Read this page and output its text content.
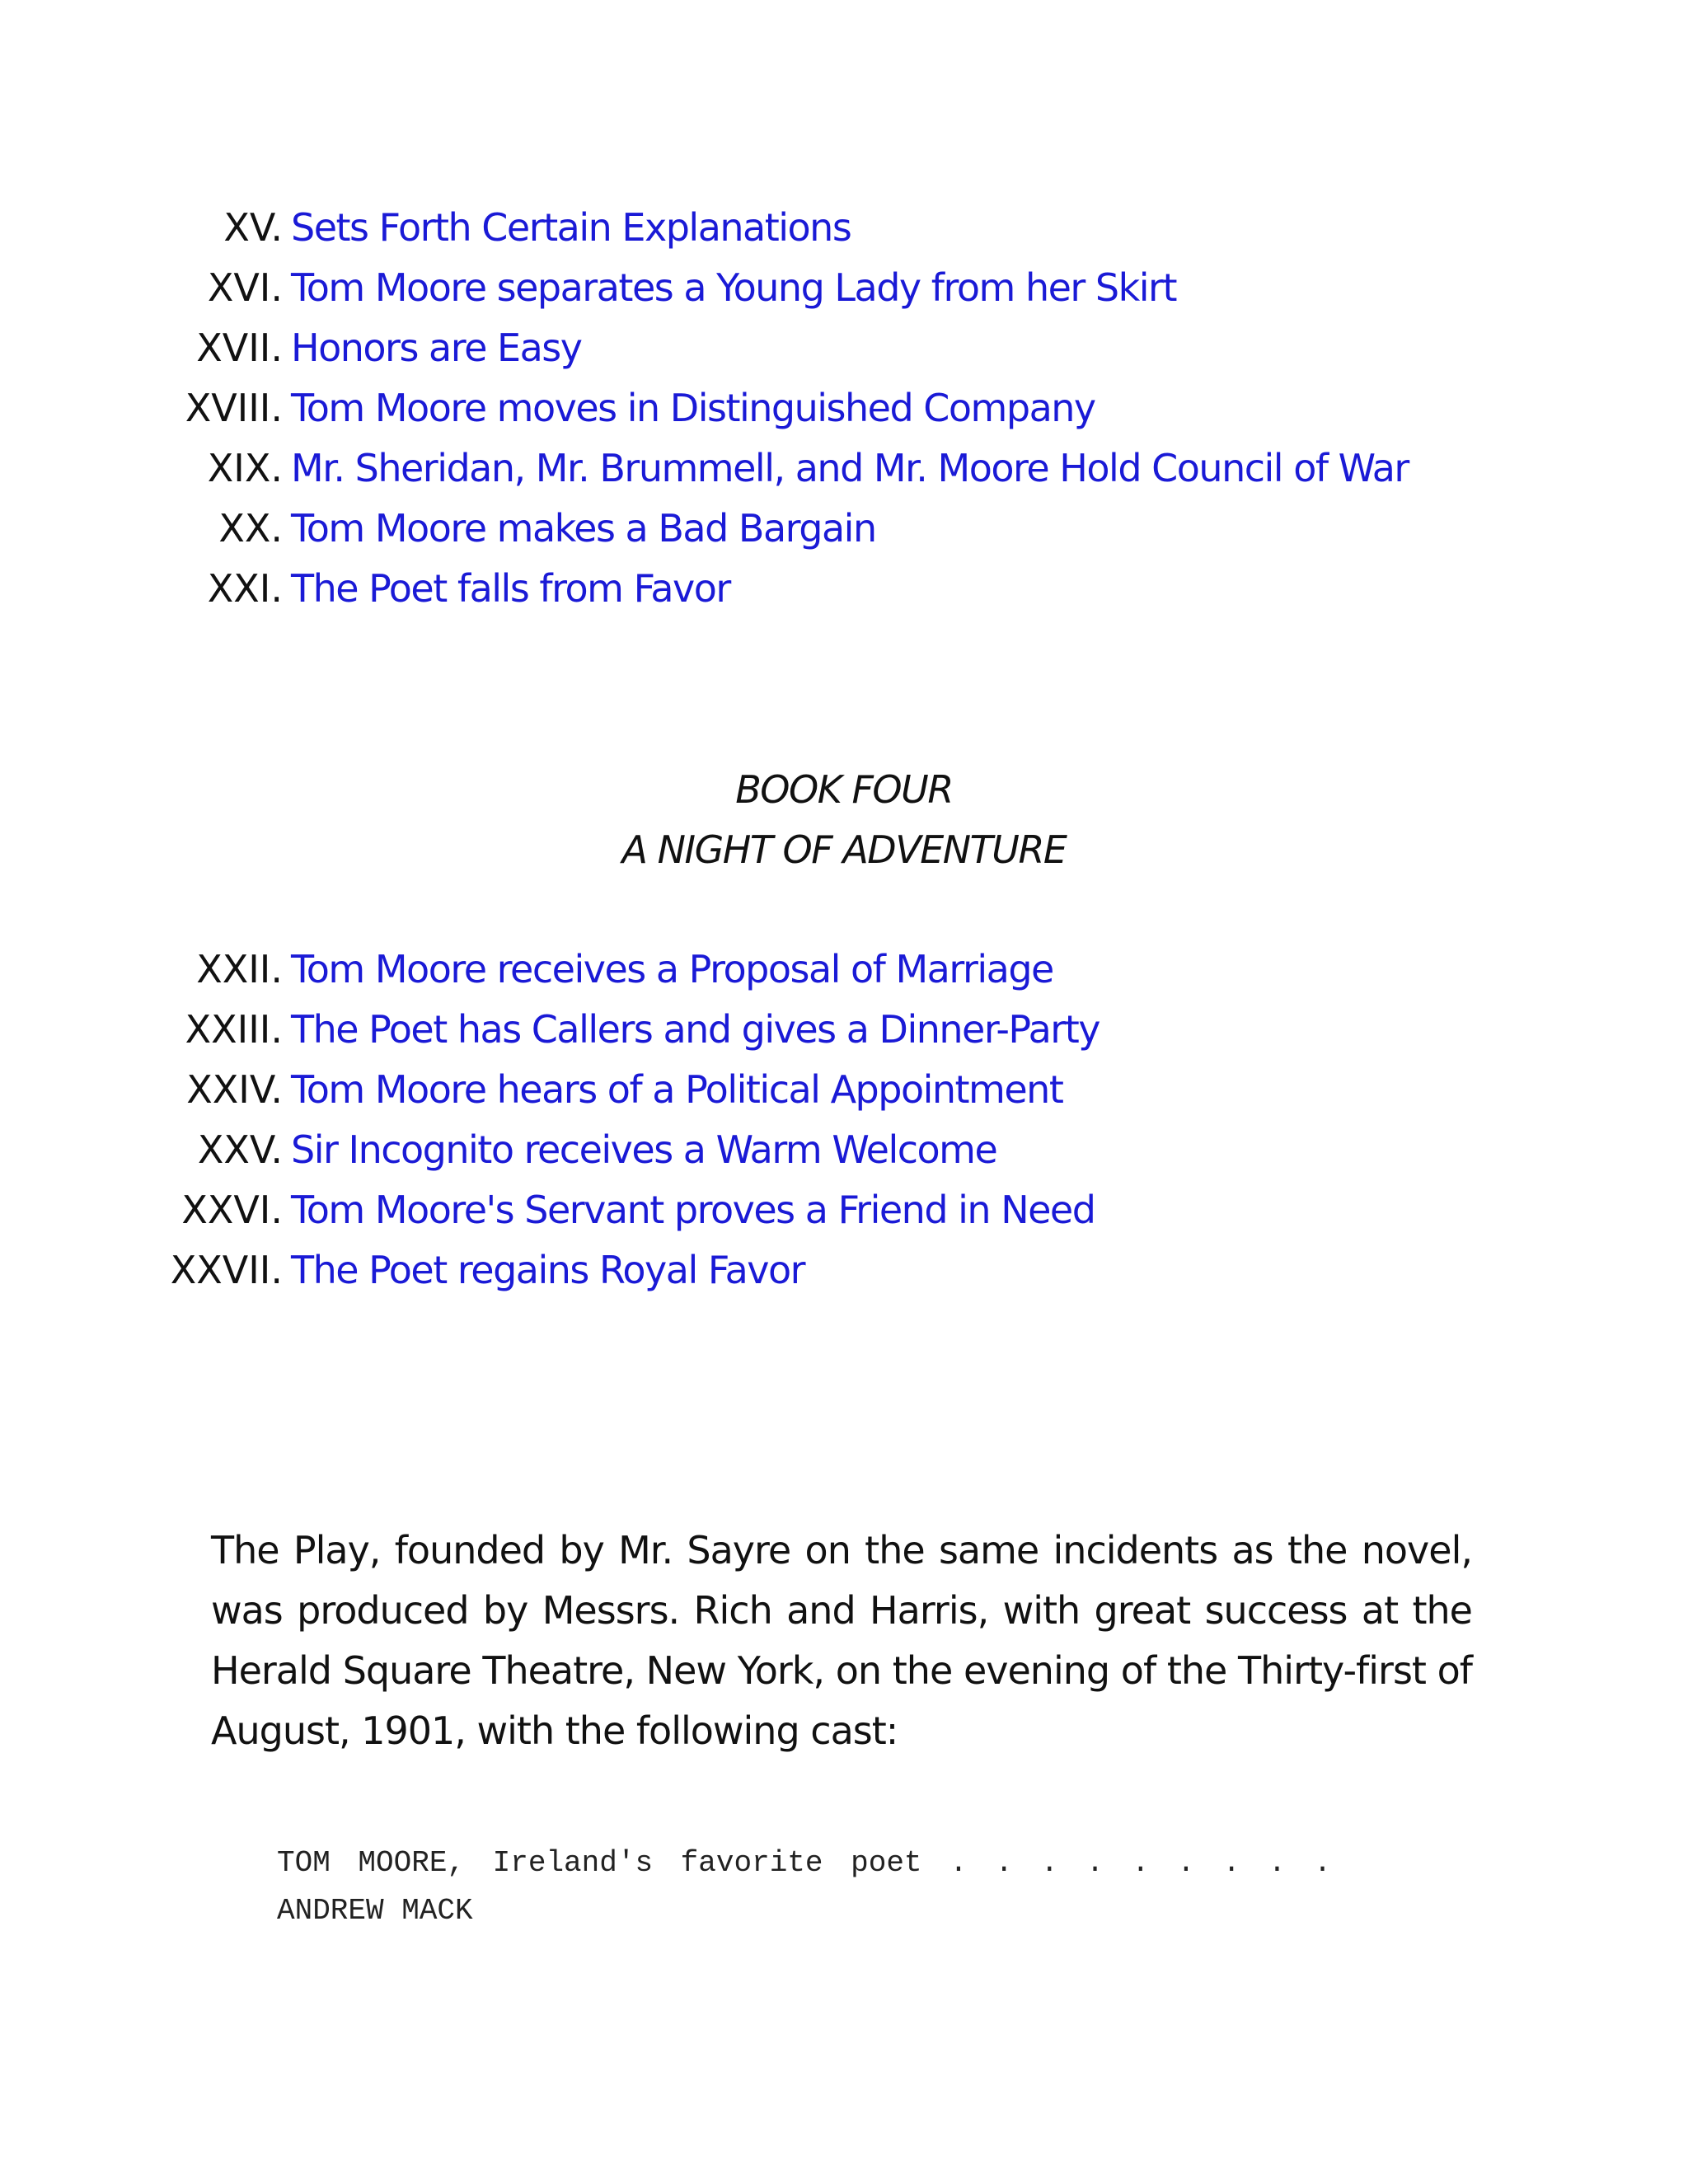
XV. Sets Forth Certain Explanations
XVI. Tom Moore separates a Young Lady from her Skirt
XVII. Honors are Easy
XVIII. Tom Moore moves in Distinguished Company
XIX. Mr. Sheridan, Mr. Brummell, and Mr. Moore Hold Council of War
XX. Tom Moore makes a Bad Bargain
XXI. The Poet falls from Favor
BOOK FOUR
A NIGHT OF ADVENTURE
XXII. Tom Moore receives a Proposal of Marriage
XXIII. The Poet has Callers and gives a Dinner-Party
XXIV. Tom Moore hears of a Political Appointment
XXV. Sir Incognito receives a Warm Welcome
XXVI. Tom Moore's Servant proves a Friend in Need
XXVII. The Poet regains Royal Favor

The Play, founded by Mr. Sayre on the same incidents as the novel, was produced by Messrs. Rich and Harris, with great success at the Herald Square Theatre, New York, on the evening of the Thirty-first of August, 1901, with the following cast:

TOM MOORE, Ireland's favorite poet . . . . . . . . .
ANDREW MACK
